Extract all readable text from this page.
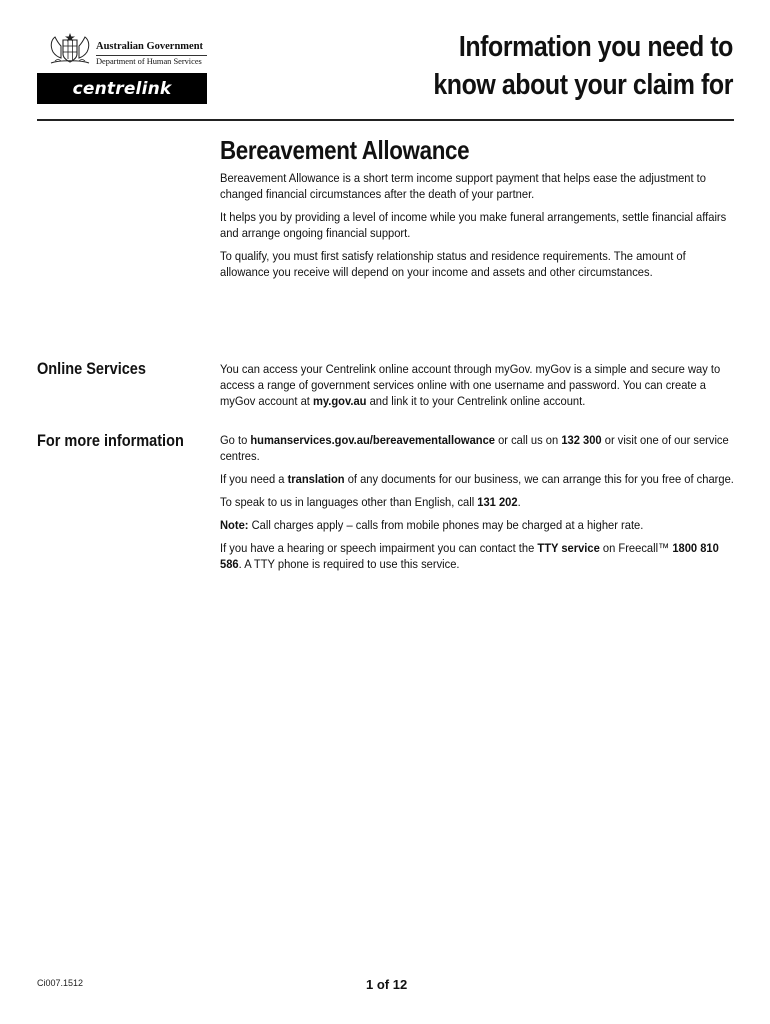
Australian Government
Department of Human Services
centrelink
Information you need to
know about your claim for
Bereavement Allowance

Bereavement Allowance is a short term income support payment that helps ease the adjustment to changed financial circumstances after the death of your partner.

It helps you by providing a level of income while you make funeral arrangements, settle financial affairs and arrange ongoing financial support.

To qualify, you must first satisfy relationship status and residence requirements. The amount of allowance you receive will depend on your income and assets and other circumstances.

Online Services	You can access your Centrelink online account through myGov. myGov is a simple and secure way to access a range of government services online with one username and password. You can create a myGov account at my.gov.au and link it to your Centrelink online account.

For more information	Go to humanservices.gov.au/bereavementallowance or call us on 132 300 or visit one of our service centres.

If you need a translation of any documents for our business, we can arrange this for you free of charge.

To speak to us in languages other than English, call 131 202.

Note: Call charges apply – calls from mobile phones may be charged at a higher rate.

If you have a hearing or speech impairment you can contact the TTY service on Freecall™ 1800 810 586. A TTY phone is required to use this service.

Ci007.1512	1 of 12
